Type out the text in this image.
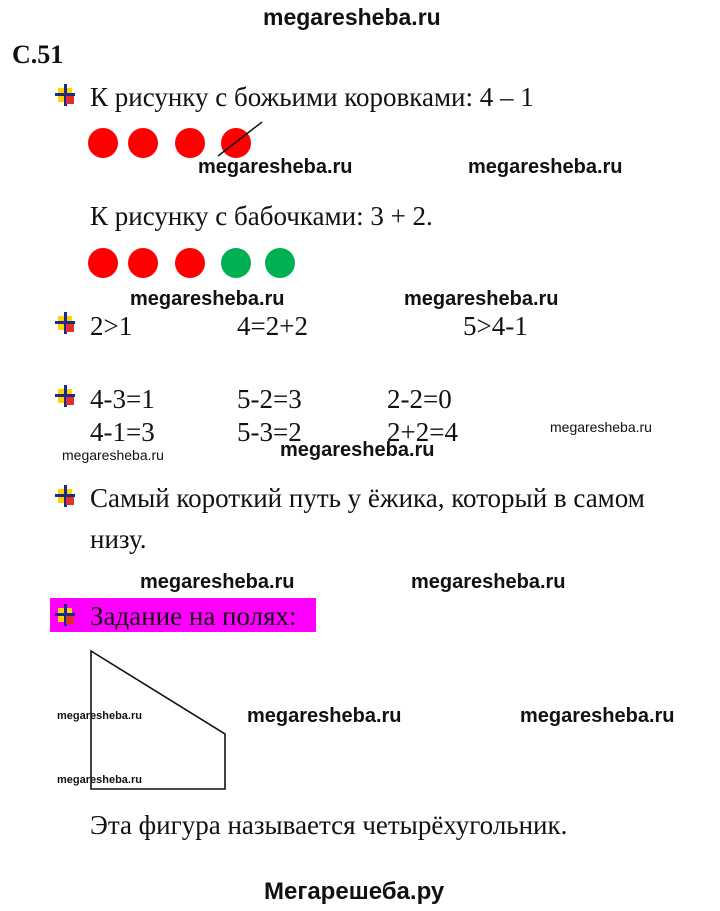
megaresheba.ru
С.51
К рисунку с божьими коровками: 4 – 1
megaresheba.ru	megaresheba.ru
К рисунку с бабочками: 3 + 2.
megaresheba.ru	megaresheba.ru
2>1	4=2+2	5>4-1
4-3=1	5-2=3	2-2=0
4-1=3	5-3=2	2+2=4	megaresheba.ru
megaresheba.ru	megaresheba.ru
Самый короткий путь у ёжика, который в самом
низу.
megaresheba.ru	megaresheba.ru
Задание на полях:
megaresheba.ru	megaresheba.ru	megaresheba.ru
megaresheba.ru
Эта фигура называется четырёхугольник.
Мегарешеба.ру
